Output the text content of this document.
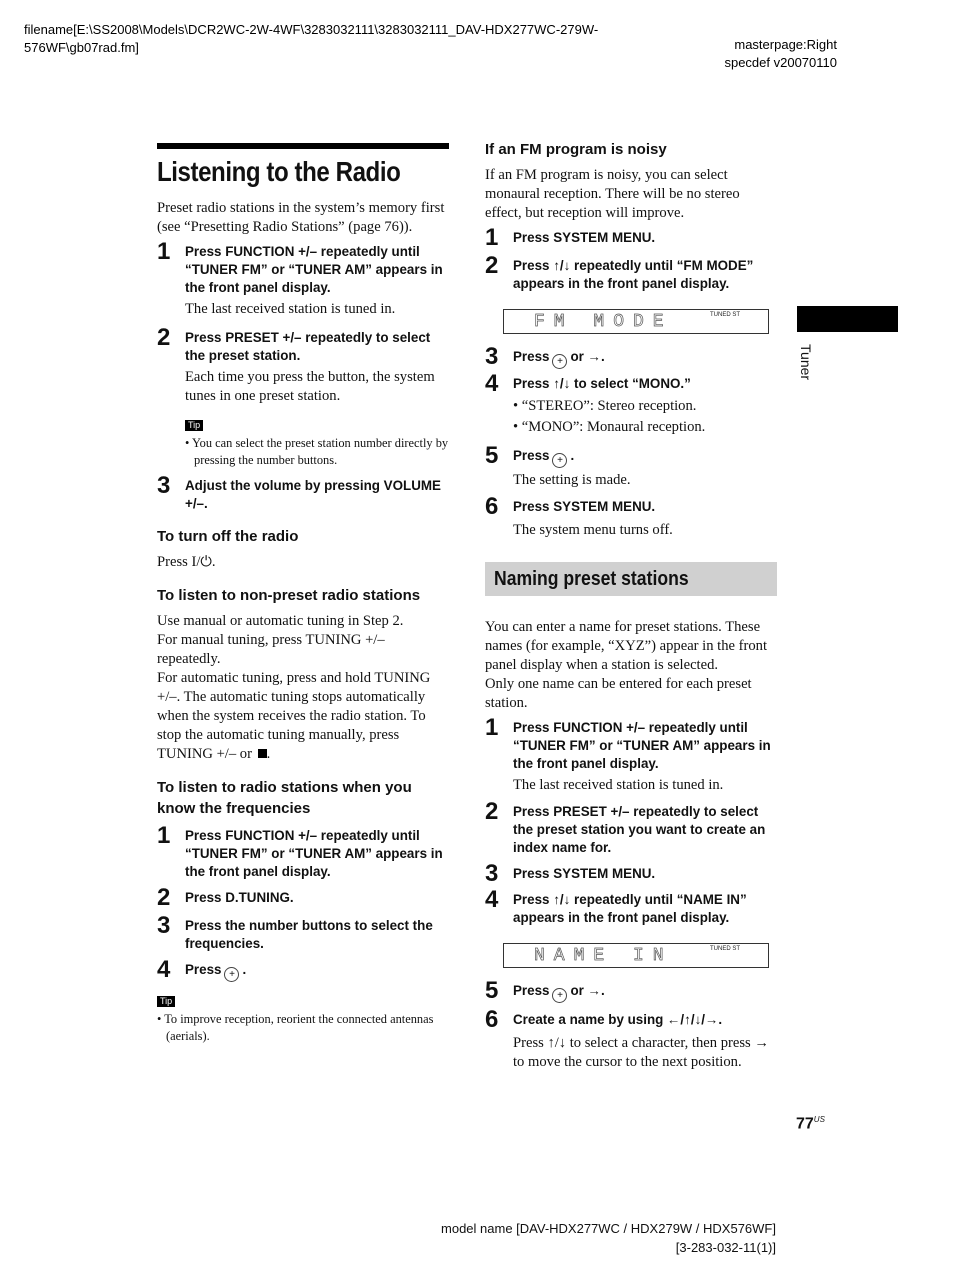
filename[E:\SS2008\Models\DCR2WC-2W-4WF\3283032111\3283032111_DAV-HDX277WC-279W-576WF\gb07rad.fm]	masterpage:Right
specdef v20070110
Listening to the Radio

Preset radio stations in the system’s memory first (see “Presetting Radio Stations” (page 76)).

1	Press FUNCTION +/– repeatedly until “TUNER FM” or “TUNER AM” appears in the front panel display.
The last received station is tuned in.
2	Press PRESET +/– repeatedly to select the preset station.
Each time you press the button, the system tunes in one preset station.
Tip

• You can select the preset station number directly by pressing the number buttons.

3	Adjust the volume by pressing VOLUME +/–.
To turn off the radio

Press I/⏻.

To listen to non-preset radio stations

Use manual or automatic tuning in Step 2.

For manual tuning, press TUNING +/– repeatedly.

For automatic tuning, press and hold TUNING +/–. The automatic tuning stops automatically when the system receives the radio station. To stop the automatic tuning manually, press TUNING +/– or .

To listen to radio stations when you know the frequencies
1	Press FUNCTION +/– repeatedly until “TUNER FM” or “TUNER AM” appears in the front panel display.
2	Press D.TUNING.
3	Press the number buttons to select the frequencies.
4	Press + .
Tip

• To improve reception, reorient the connected antennas (aerials).

If an FM program is noisy

If an FM program is noisy, you can select monaural reception. There will be no stereo effect, but reception will improve.

1	Press SYSTEM MENU.
2	Press ↑/↓ repeatedly until “FM MODE” appears in the front panel display.
FM MODE	TUNED ST
3	Press + or →.
4	Press ↑/↓ to select “MONO.”
• “STEREO”: Stereo reception.
• “MONO”: Monaural reception.
5	Press + .
The setting is made.
6	Press SYSTEM MENU.
The system menu turns off.
Naming preset stations

You can enter a name for preset stations. These names (for example, “XYZ”) appear in the front panel display when a station is selected.

Only one name can be entered for each preset station.

1	Press FUNCTION +/– repeatedly until “TUNER FM” or “TUNER AM” appears in the front panel display.
The last received station is tuned in.
2	Press PRESET +/– repeatedly to select the preset station you want to create an index name for.
3	Press SYSTEM MENU.
4	Press ↑/↓ repeatedly until “NAME IN” appears in the front panel display.
NAME IN	TUNED ST
5	Press + or →.
6	Create a name by using ←/↑/↓/→.
Press ↑/↓ to select a character, then press → to move the cursor to the next position.
Tuner
$77^{US}$
model name [DAV-HDX277WC / HDX279W / HDX576WF]
[3-283-032-11(1)]
